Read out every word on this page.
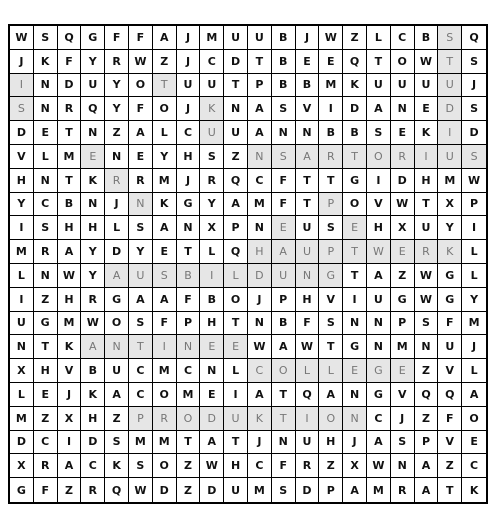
W	S	Q	G	F	F	A	J	M	U	U	B	J	W	Z	L	C	B	S	Q
J	K	F	Y	R	W	Z	J	C	D	T	B	E	E	Q	T	O	W	T	S
I	N	D	U	Y	O	T	U	U	T	P	B	B	M	K	U	U	U	U	J
S	N	R	Q	Y	F	O	J	K	N	A	S	V	I	D	A	N	E	D	S
D	E	T	N	Z	A	L	C	U	U	A	N	N	B	B	S	E	K	I	D
V	L	M	E	N	E	Y	H	S	Z	N	S	A	R	T	O	R	I	U	S
H	N	T	K	R	R	M	J	R	Q	C	F	T	T	G	I	D	H	M	W
Y	C	B	N	J	N	K	G	Y	A	M	F	T	P	O	V	W	T	X	P
I	S	H	H	L	S	A	N	X	P	N	E	U	S	E	H	X	U	Y	I
M	R	A	Y	D	Y	E	T	L	Q	H	A	U	P	T	W	E	R	K	L
L	N	W	Y	A	U	S	B	I	L	D	U	N	G	T	A	Z	W	G	L
I	Z	H	R	G	A	A	F	B	O	J	P	H	V	I	U	G	W	G	Y
U	G	M	W	O	S	F	P	H	T	N	B	F	S	N	N	P	S	F	M
N	T	K	A	N	T	I	N	E	E	W	A	W	T	G	N	M	N	U	J
X	H	V	B	U	C	M	C	N	L	C	O	L	L	E	G	E	Z	V	L
L	E	J	K	A	C	O	M	E	I	A	T	Q	A	N	G	V	Q	Q	A
M	Z	X	H	Z	P	R	O	D	U	K	T	I	O	N	C	J	Z	F	O
D	C	I	D	S	M	M	T	A	T	J	N	U	H	J	A	S	P	V	E
X	R	A	C	K	S	O	Z	W	H	C	F	R	Z	X	W	N	A	Z	C
G	F	Z	R	Q	W	D	Z	D	U	M	S	D	P	A	M	R	A	T	K
